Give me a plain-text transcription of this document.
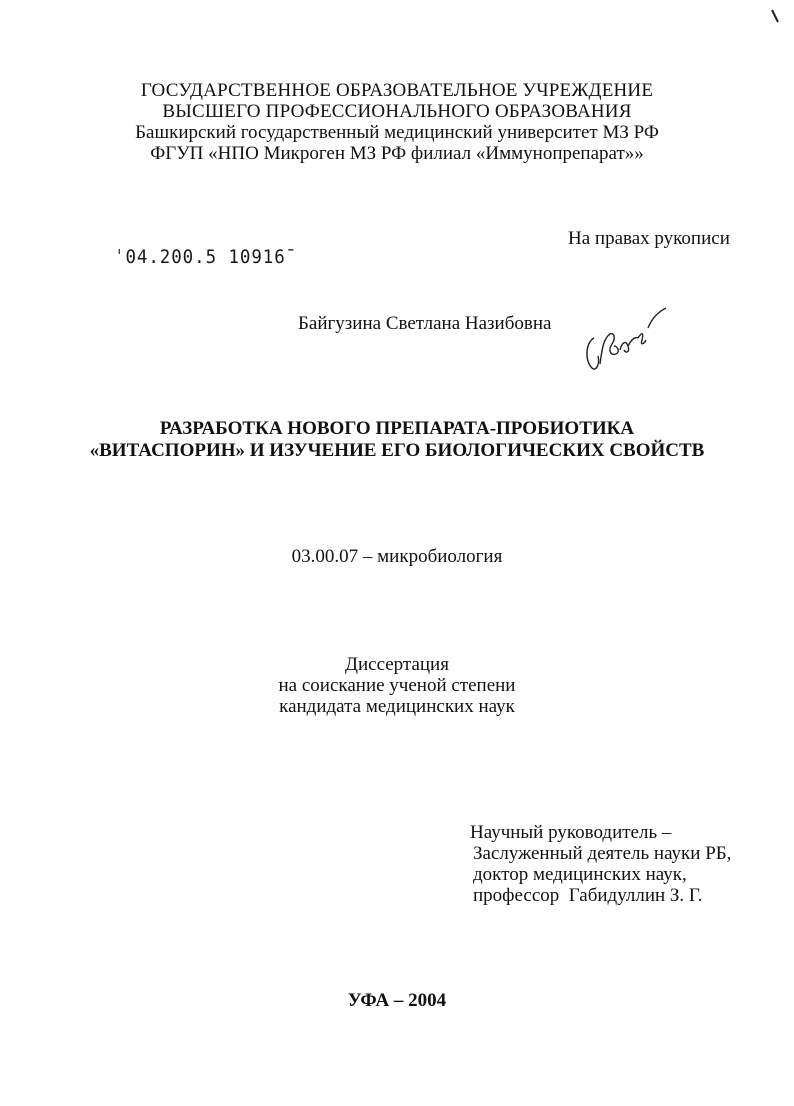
ГОСУДАРСТВЕННОЕ ОБРАЗОВАТЕЛЬНОЕ УЧРЕЖДЕНИЕ
ВЫСШЕГО ПРОФЕССИОНАЛЬНОГО ОБРАЗОВАНИЯ
Башкирский государственный медицинский университет МЗ РФ
ФГУП «НПО Микроген МЗ РФ филиал «Иммунопрепарат»»
На правах рукописи
ˈ04.200.5 10916ˉ
Байгузина Светлана Назибовна
РАЗРАБОТКА НОВОГО ПРЕПАРАТА-ПРОБИОТИКА
«ВИТАСПОРИН» И ИЗУЧЕНИЕ ЕГО БИОЛОГИЧЕСКИХ СВОЙСТВ
03.00.07 – микробиология
Диссертация
на соискание ученой степени
кандидата медицинских наук
Научный руководитель –
Заслуженный деятель науки РБ,
доктор медицинских наук,
профессор  Габидуллин З. Г.
УФА – 2004
